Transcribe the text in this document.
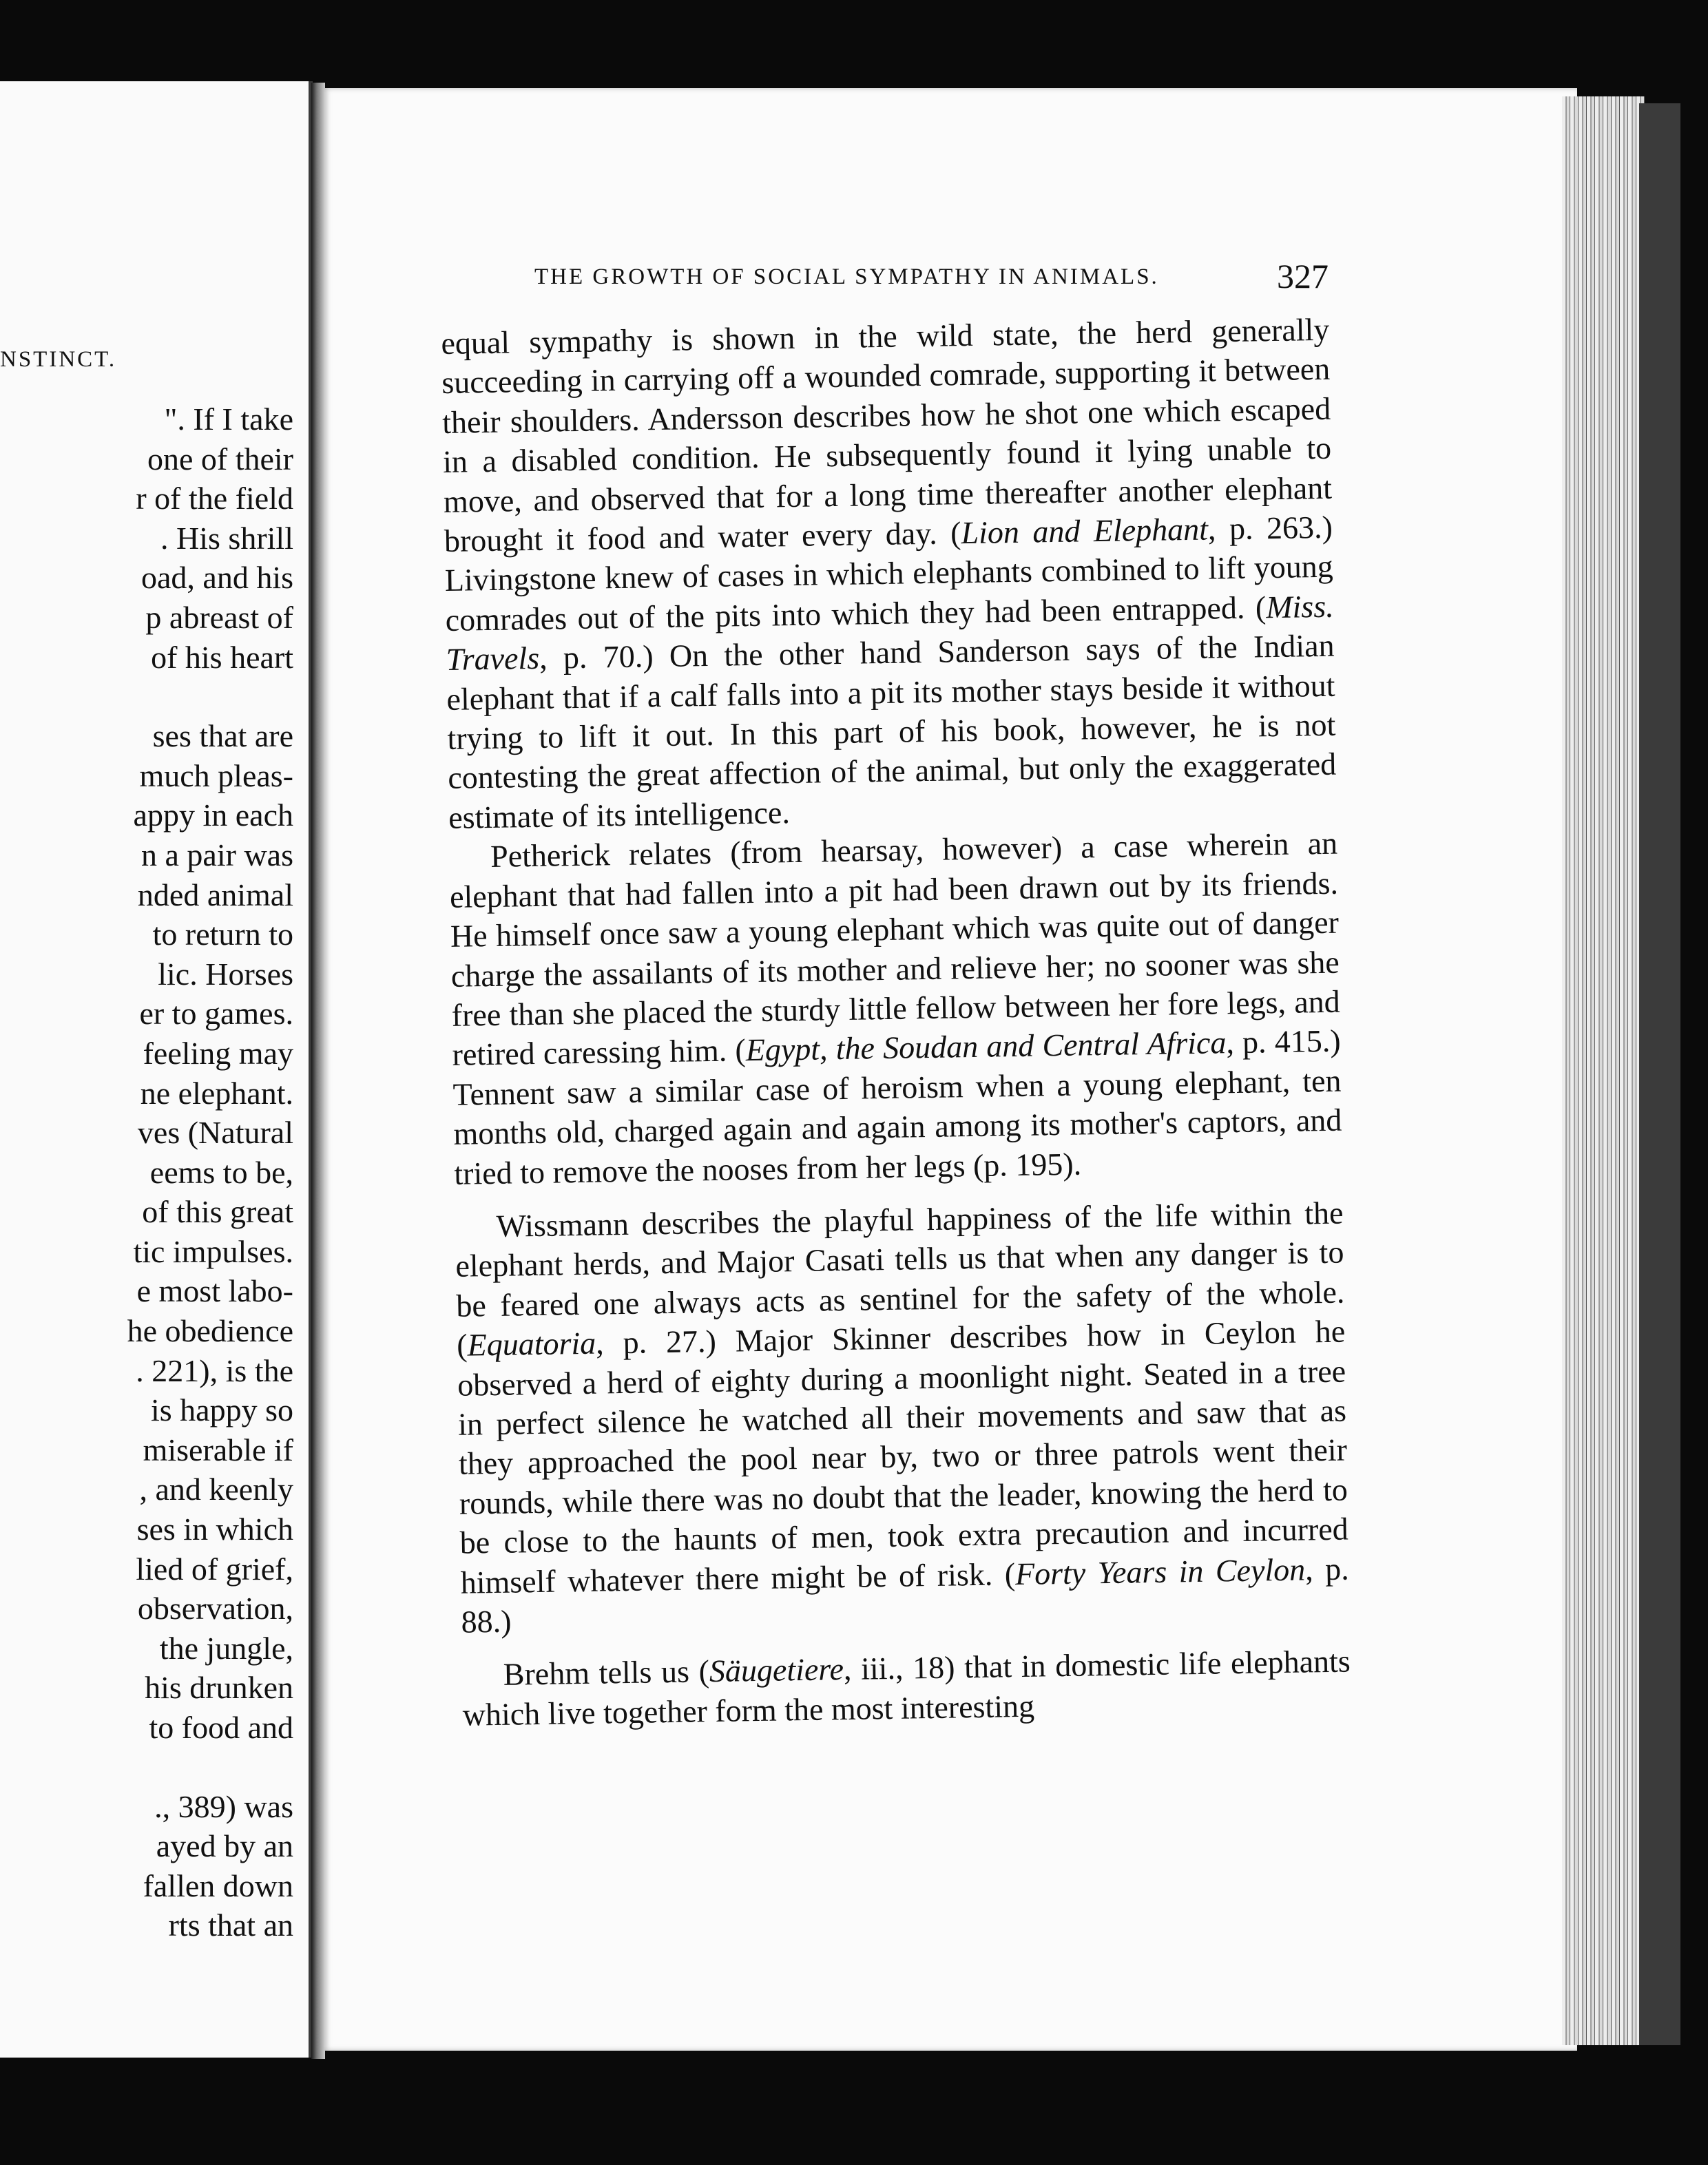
NSTINCT.
". If I take
one of their
r of the field
. His shrill
oad, and his
p abreast of
of his heart
ses that are
much pleas-
appy in each
n a pair was
nded animal
to return to
lic. Horses
er to games.
feeling may
ne elephant.
ves (Natural
eems to be,
of this great
tic impulses.
e most labo-
he obedience
. 221), is the
is happy so
miserable if
, and keenly
ses in which
lied of grief,
observation,
the jungle,
his drunken
to food and
., 389) was
ayed by an
fallen down
rts that an
THE GROWTH OF SOCIAL SYMPATHY IN ANIMALS.	327

equal sympathy is shown in the wild state, the herd generally succeeding in carrying off a wounded comrade, supporting it between their shoulders. Andersson describes how he shot one which escaped in a disabled condition. He subsequently found it lying unable to move, and observed that for a long time thereafter another elephant brought it food and water every day. (Lion and Elephant, p. 263.) Livingstone knew of cases in which elephants combined to lift young comrades out of the pits into which they had been entrapped. (Miss. Travels, p. 70.) On the other hand Sanderson says of the Indian elephant that if a calf falls into a pit its mother stays beside it without trying to lift it out. In this part of his book, however, he is not contesting the great affection of the animal, but only the exaggerated estimate of its intelligence.

Petherick relates (from hearsay, however) a case wherein an elephant that had fallen into a pit had been drawn out by its friends. He himself once saw a young elephant which was quite out of danger charge the assailants of its mother and relieve her; no sooner was she free than she placed the sturdy little fellow between her fore legs, and retired caressing him. (Egypt, the Soudan and Central Africa, p. 415.) Tennent saw a similar case of heroism when a young elephant, ten months old, charged again and again among its mother's captors, and tried to remove the nooses from her legs (p. 195).

Wissmann describes the playful happiness of the life within the elephant herds, and Major Casati tells us that when any danger is to be feared one always acts as sentinel for the safety of the whole. (Equatoria, p. 27.) Major Skinner describes how in Ceylon he observed a herd of eighty during a moonlight night. Seated in a tree in perfect silence he watched all their movements and saw that as they approached the pool near by, two or three patrols went their rounds, while there was no doubt that the leader, knowing the herd to be close to the haunts of men, took extra precaution and incurred himself whatever there might be of risk. (Forty Years in Ceylon, p. 88.)

Brehm tells us (Säugetiere, iii., 18) that in domestic life elephants which live together form the most interesting
